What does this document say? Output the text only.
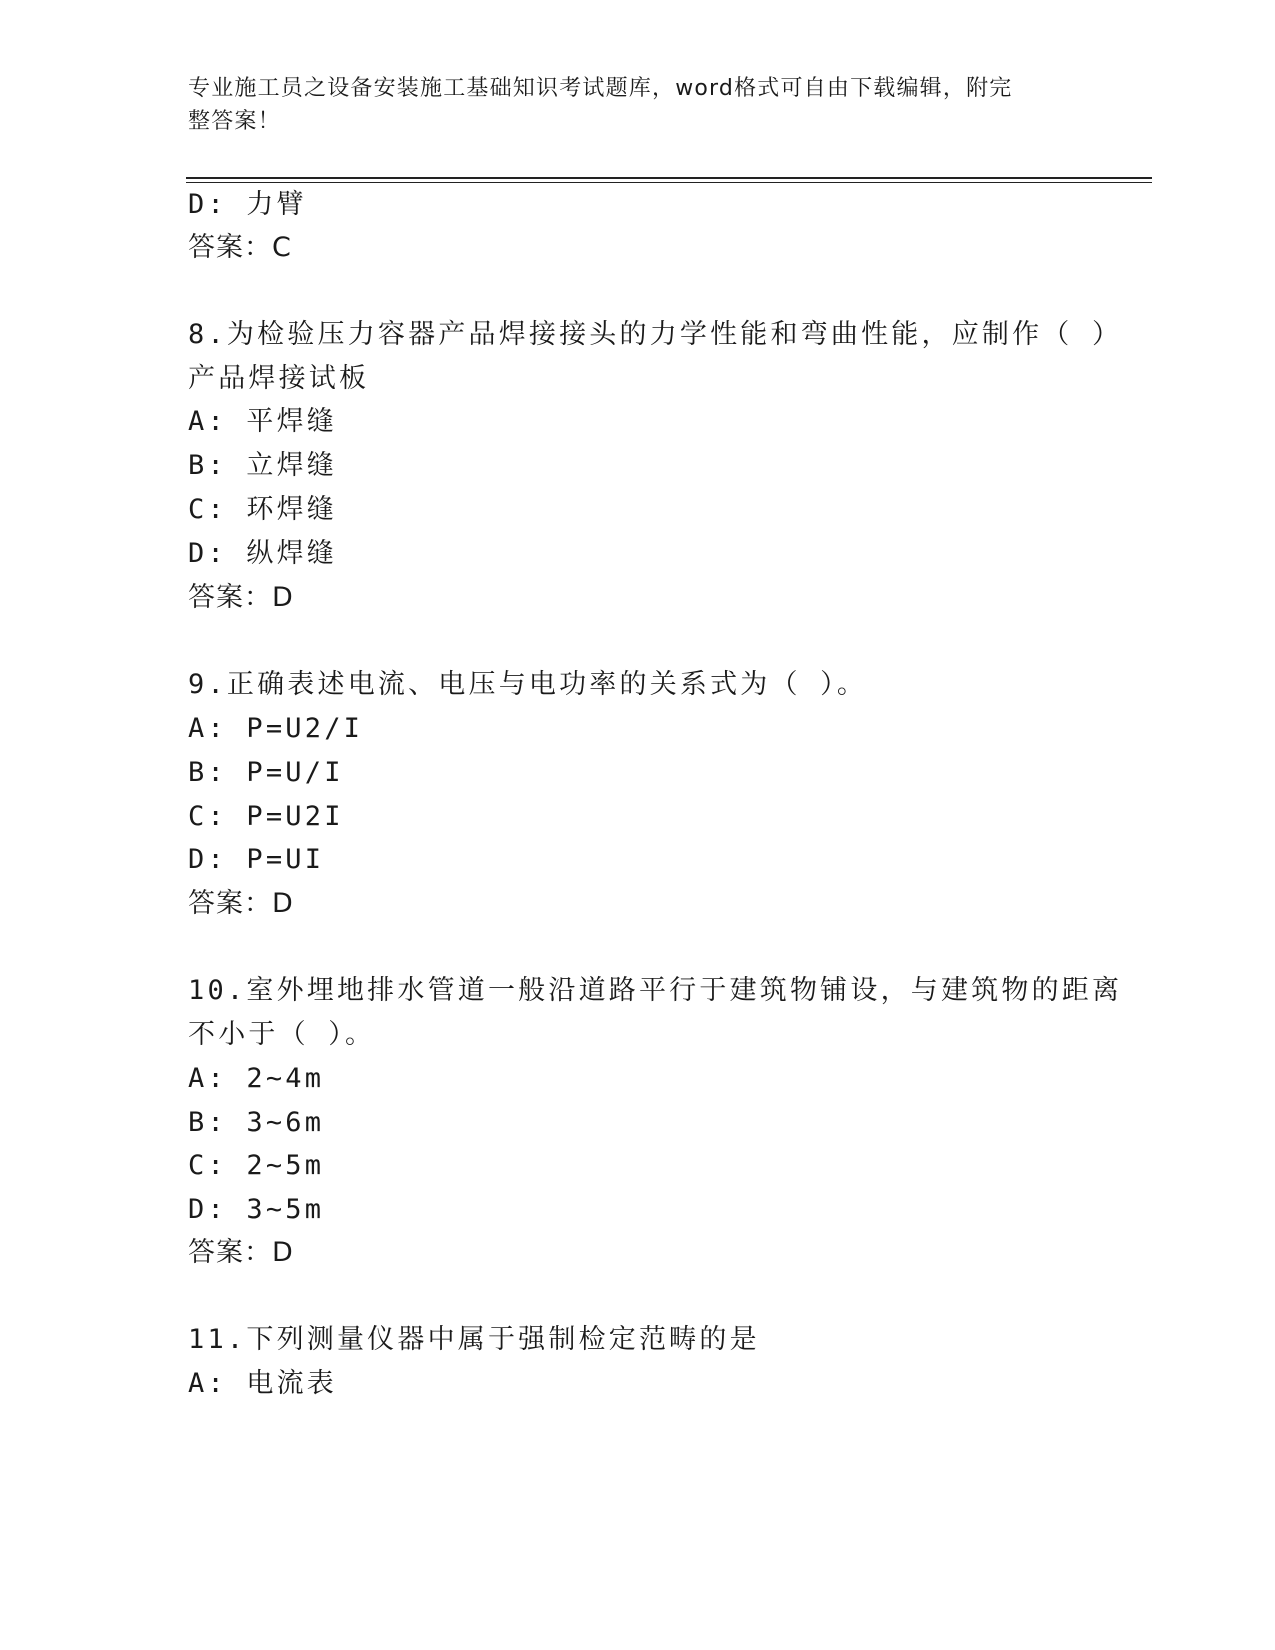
专业施工员之设备安装施工基础知识考试题库，word格式可自由下载编辑，附完
整答案！
D: 力臂
答案：C
8.为检验压力容器产品焊接接头的力学性能和弯曲性能，应制作（ ）
产品焊接试板
A: 平焊缝
B: 立焊缝
C: 环焊缝
D: 纵焊缝
答案：D
9.正确表述电流、电压与电功率的关系式为（ ）。
A: P=U2/I
B: P=U/I
C: P=U2I
D: P=UI
答案：D
10.室外埋地排水管道一般沿道路平行于建筑物铺设，与建筑物的距离
不小于（ ）。
A: 2~4m
B: 3~6m
C: 2~5m
D: 3~5m
答案：D
11.下列测量仪器中属于强制检定范畴的是
A: 电流表
